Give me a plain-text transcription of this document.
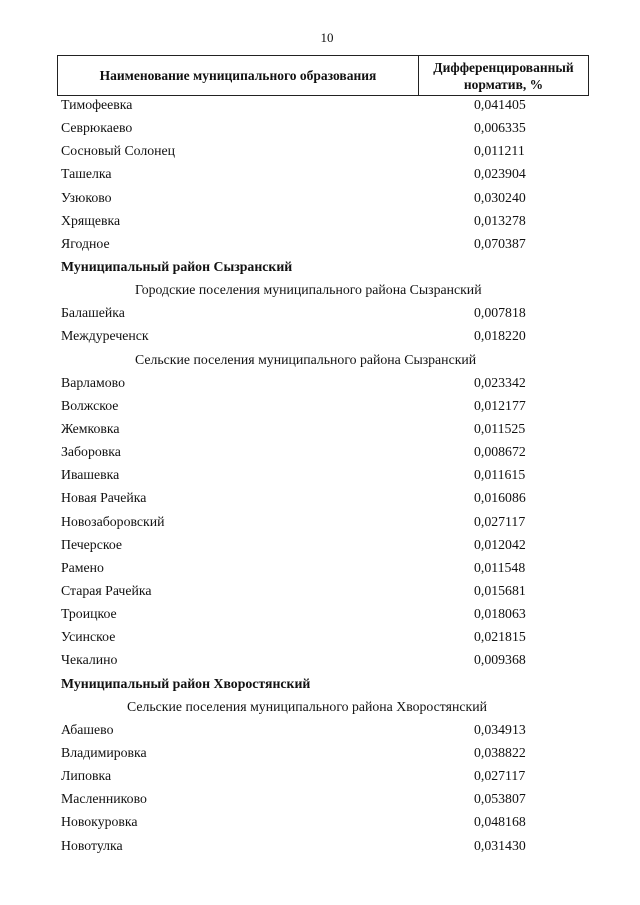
10
Наименование муниципального образования
Дифференцированный
норматив, %
Тимофеевка	0,041405
Севрюкаево	0,006335
Сосновый Солонец	0,011211
Ташелка	0,023904
Узюково	0,030240
Хрящевка	0,013278
Ягодное	0,070387
Муниципальный район Сызранский
Городские поселения муниципального района Сызранский
Балашейка	0,007818
Междуреченск	0,018220
Сельские поселения муниципального района Сызранский
Варламово	0,023342
Волжское	0,012177
Жемковка	0,011525
Заборовка	0,008672
Ивашевка	0,011615
Новая Рачейка	0,016086
Новозаборовский	0,027117
Печерское	0,012042
Рамено	0,011548
Старая Рачейка	0,015681
Троицкое	0,018063
Усинское	0,021815
Чекалино	0,009368
Муниципальный район Хворостянский
Сельские поселения муниципального района Хворостянский
Абашево	0,034913
Владимировка	0,038822
Липовка	0,027117
Масленниково	0,053807
Новокуровка	0,048168
Новотулка	0,031430
